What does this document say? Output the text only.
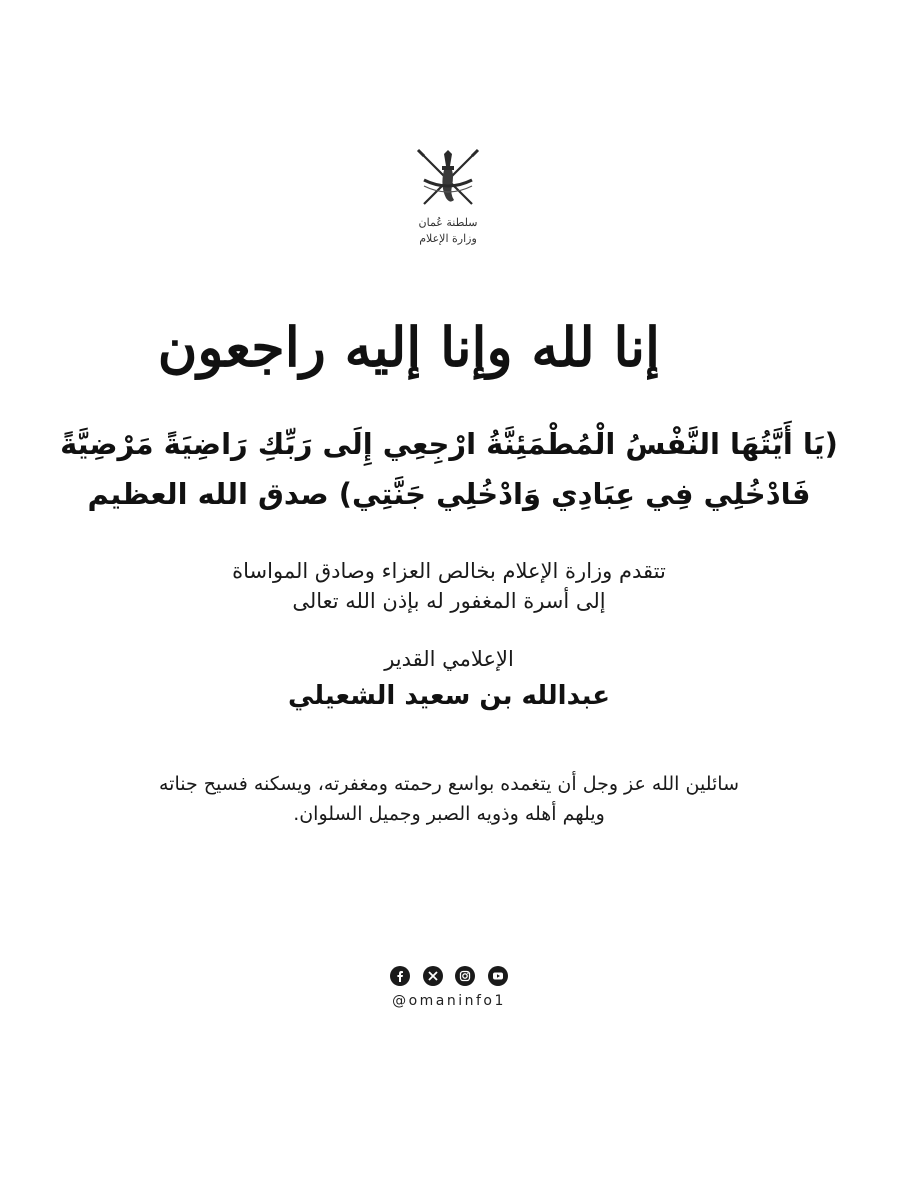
سلطنة عُمان
وزارة الإعلام
إنا لله وإنا إليه راجعون
(يَا أَيَّتُهَا النَّفْسُ الْمُطْمَئِنَّةُ ارْجِعِي إِلَى رَبِّكِ رَاضِيَةً مَرْضِيَّةً
فَادْخُلِي فِي عِبَادِي وَادْخُلِي جَنَّتِي) صدق الله العظيم
تتقدم وزارة الإعلام بخالص العزاء وصادق المواساة
إلى أسرة المغفور له بإذن الله تعالى
الإعلامي القدير
عبدالله بن سعيد الشعيلي
سائلين الله عز وجل أن يتغمده بواسع رحمته ومغفرته، ويسكنه فسيح جناته
ويلهم أهله وذويه الصبر وجميل السلوان.
@omaninfo1
